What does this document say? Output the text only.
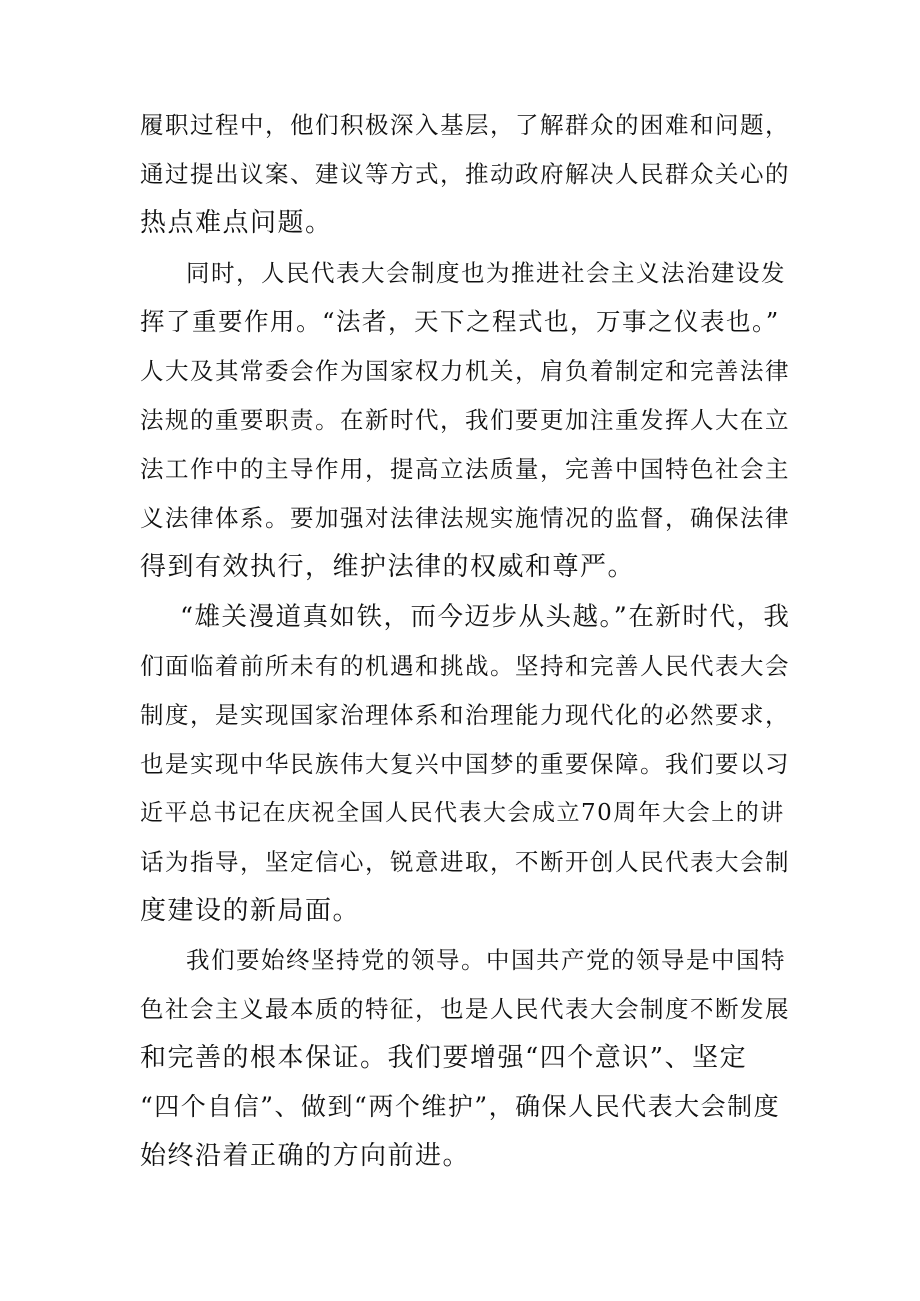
履职过程中，他们积极深入基层，了解群众的困难和问题，
通过提出议案、建议等方式，推动政府解决人民群众关心的
热点难点问题。
同时，人民代表大会制度也为推进社会主义法治建设发
挥了重要作用。“法者，天下之程式也，万事之仪表也。”
人大及其常委会作为国家权力机关，肩负着制定和完善法律
法规的重要职责。在新时代，我们要更加注重发挥人大在立
法工作中的主导作用，提高立法质量，完善中国特色社会主
义法律体系。要加强对法律法规实施情况的监督，确保法律
得到有效执行，维护法律的权威和尊严。
“雄关漫道真如铁，而今迈步从头越。”在新时代，我
们面临着前所未有的机遇和挑战。坚持和完善人民代表大会
制度，是实现国家治理体系和治理能力现代化的必然要求，
也是实现中华民族伟大复兴中国梦的重要保障。我们要以习
近平总书记在庆祝全国人民代表大会成立70周年大会上的讲
话为指导，坚定信心，锐意进取，不断开创人民代表大会制
度建设的新局面。
我们要始终坚持党的领导。中国共产党的领导是中国特
色社会主义最本质的特征，也是人民代表大会制度不断发展
和完善的根本保证。我们要增强“四个意识”、坚定
“四个自信”、做到“两个维护”，确保人民代表大会制度
始终沿着正确的方向前进。
